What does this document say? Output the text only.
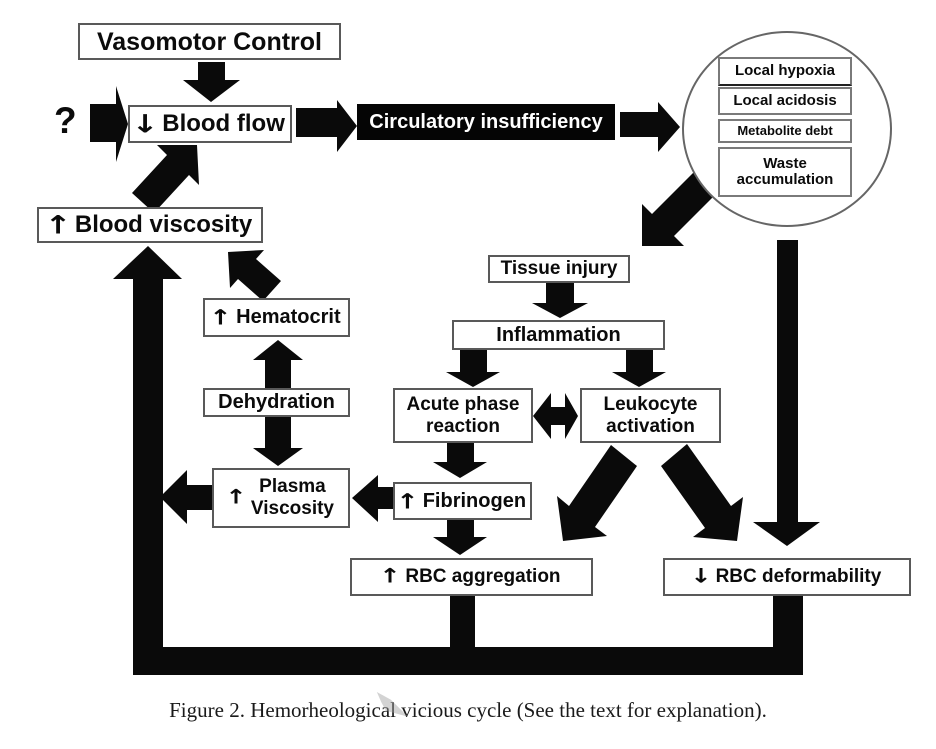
?
Vasomotor Control
↓ Blood flow	Circulatory insufficiency
↑ Blood viscosity
↑ Hematocrit
Dehydration
↑ Plasma
Viscosity
Tissue injury
Inflammation
Acute phase
reaction
Leukocyte
activation
↑ Fibrinogen
↑ RBC aggregation	↓ RBC deformability
Local hypoxia
Local acidosis
Metabolite debt
Waste accumulation
Figure 2. Hemorheological vicious cycle (See the text for explanation).
